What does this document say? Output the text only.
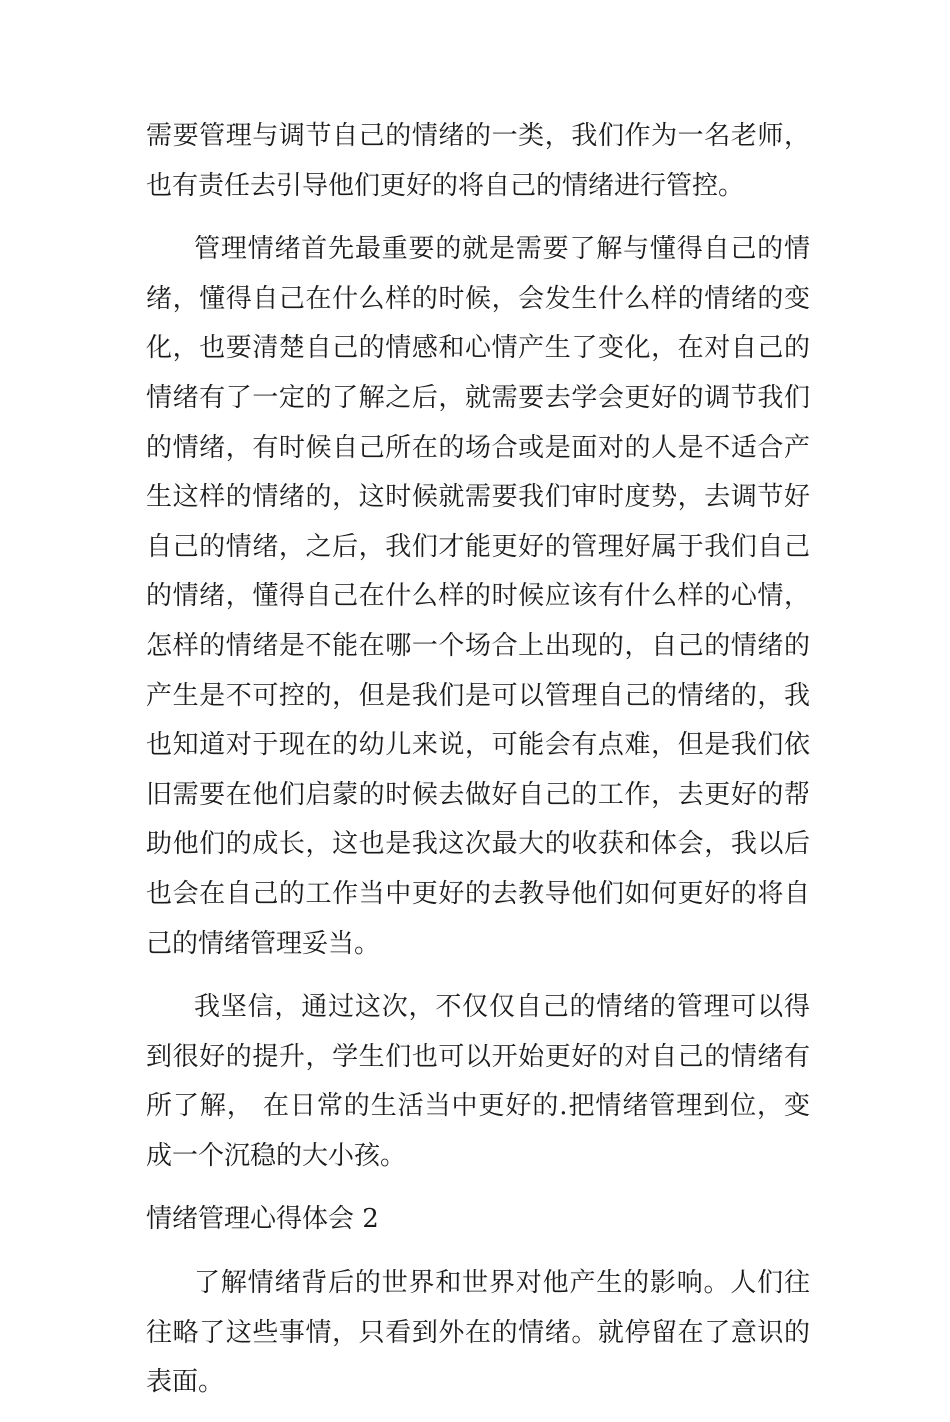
需要管理与调节自己的情绪的一类，我们作为一名老师，也有责任去引导他们更好的将自己的情绪进行管控。

管理情绪首先最重要的就是需要了解与懂得自己的情绪，懂得自己在什么样的时候，会发生什么样的情绪的变化，也要清楚自己的情感和心情产生了变化，在对自己的情绪有了一定的了解之后，就需要去学会更好的调节我们的情绪，有时候自己所在的场合或是面对的人是不适合产生这样的情绪的，这时候就需要我们审时度势，去调节好自己的情绪，之后，我们才能更好的管理好属于我们自己的情绪，懂得自己在什么样的时候应该有什么样的心情，怎样的情绪是不能在哪一个场合上出现的，自己的情绪的产生是不可控的，但是我们是可以管理自己的情绪的，我也知道对于现在的幼儿来说，可能会有点难，但是我们依旧需要在他们启蒙的时候去做好自己的工作，去更好的帮助他们的成长，这也是我这次最大的收获和体会，我以后也会在自己的工作当中更好的去教导他们如何更好的将自己的情绪管理妥当。

我坚信，通过这次，不仅仅自己的情绪的管理可以得到很好的提升，学生们也可以开始更好的对自己的情绪有所了解， 在日常的生活当中更好的.把情绪管理到位，变成一个沉稳的大小孩。

情绪管理心得体会 2

了解情绪背后的世界和世界对他产生的影响。人们往往略了这些事情，只看到外在的情绪。就停留在了意识的表面。
